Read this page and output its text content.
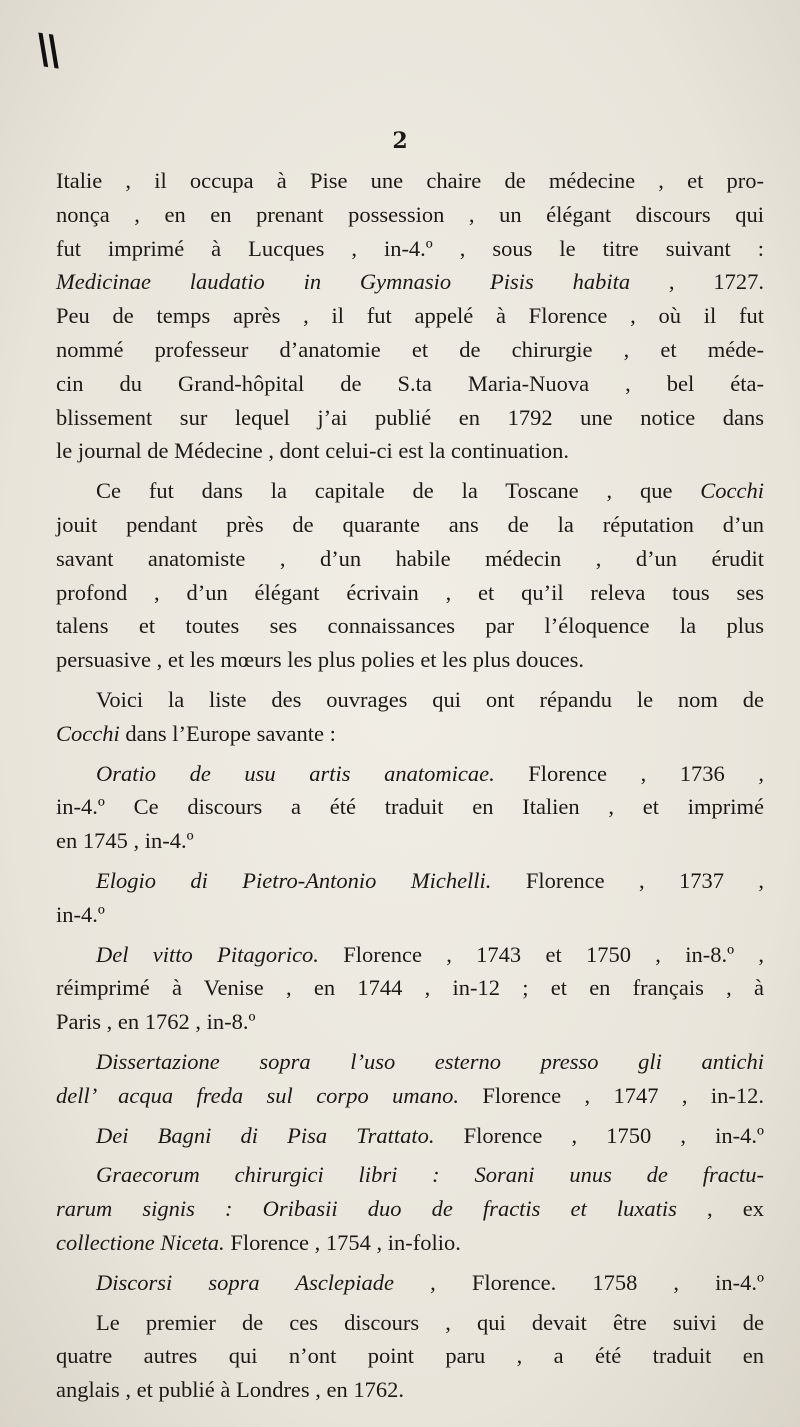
\\
2
Italie , il occupa à Pise une chaire de médecine , et pro-
nonça , en en prenant possession , un élégant discours qui
fut imprimé à Lucques , in-4.º , sous le titre suivant :
Medicinae laudatio in Gymnasio Pisis habita , 1727.
Peu de temps après , il fut appelé à Florence , où il fut
nommé professeur d’anatomie et de chirurgie , et méde-
cin du Grand-hôpital de S.ta Maria-Nuova , bel éta-
blissement sur lequel j’ai publié en 1792 une notice dans
le journal de Médecine , dont celui-ci est la continuation.
Ce fut dans la capitale de la Toscane , que Cocchi
jouit pendant près de quarante ans de la réputation d’un
savant anatomiste , d’un habile médecin , d’un érudit
profond , d’un élégant écrivain , et qu’il releva tous ses
talens et toutes ses connaissances par l’éloquence la plus
persuasive , et les mœurs les plus polies et les plus douces.
Voici la liste des ouvrages qui ont répandu le nom de
Cocchi dans l’Europe savante :
Oratio de usu artis anatomicae. Florence , 1736 ,
in-4.º Ce discours a été traduit en Italien , et imprimé
en 1745 , in-4.º
Elogio di Pietro-Antonio Michelli. Florence , 1737 ,
in-4.º
Del vitto Pitagorico. Florence , 1743 et 1750 , in-8.º ,
réimprimé à Venise , en 1744 , in-12 ; et en français , à
Paris , en 1762 , in-8.º
Dissertazione sopra l’uso esterno presso gli antichi
dell’ acqua freda sul corpo umano. Florence , 1747 , in-12.
Dei Bagni di Pisa Trattato. Florence , 1750 , in-4.º
Graecorum chirurgici libri : Sorani unus de fractu-
rarum signis : Oribasii duo de fractis et luxatis , ex
collectione Niceta. Florence , 1754 , in-folio.
Discorsi sopra Asclepiade , Florence. 1758 , in-4.º
Le premier de ces discours , qui devait être suivi de
quatre autres qui n’ont point paru , a été traduit en
anglais , et publié à Londres , en 1762.
